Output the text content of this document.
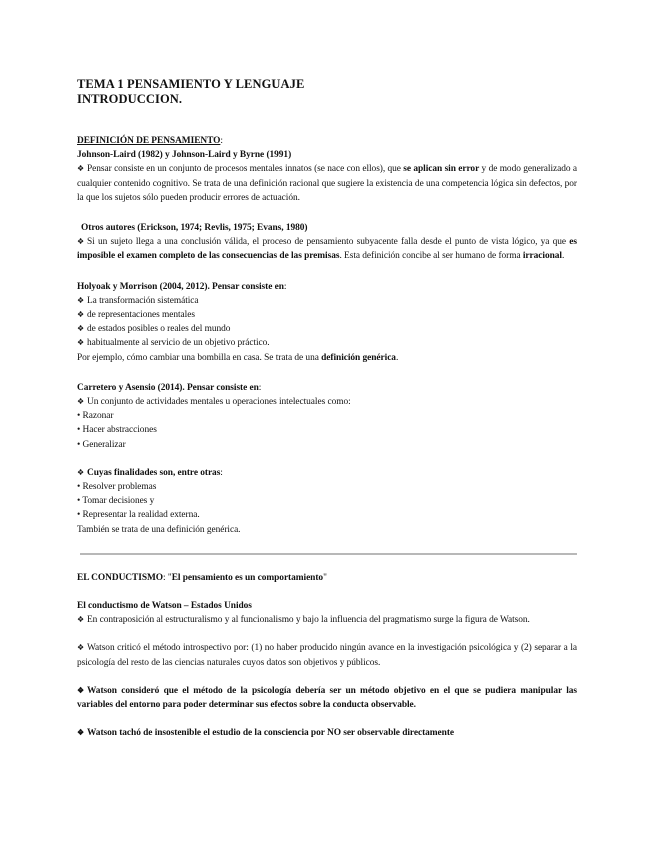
TEMA 1 PENSAMIENTO Y LENGUAJE

INTRODUCCION.

DEFINICIÓN DE PENSAMIENTO:

Johnson-Laird (1982) y Johnson-Laird y Byrne (1991)

❖ Pensar consiste en un conjunto de procesos mentales innatos (se nace con ellos), que se aplican sin error y de modo generalizado a cualquier contenido cognitivo. Se trata de una definición racional que sugiere la existencia de una competencia lógica sin defectos, por la que los sujetos sólo pueden producir errores de actuación.

Otros autores (Erickson, 1974; Revlis, 1975; Evans, 1980)

❖ Si un sujeto llega a una conclusión válida, el proceso de pensamiento subyacente falla desde el punto de vista lógico, ya que es imposible el examen completo de las consecuencias de las premisas. Esta definición concibe al ser humano de forma irracional.

Holyoak y Morrison (2004, 2012). Pensar consiste en:

❖ La transformación sistemática

❖ de representaciones mentales

❖ de estados posibles o reales del mundo

❖ habitualmente al servicio de un objetivo práctico.

Por ejemplo, cómo cambiar una bombilla en casa. Se trata de una definición genérica.

Carretero y Asensio (2014). Pensar consiste en:

❖ Un conjunto de actividades mentales u operaciones intelectuales como:

• Razonar

• Hacer abstracciones

• Generalizar

❖ Cuyas finalidades son, entre otras:

• Resolver problemas

• Tomar decisiones y

• Representar la realidad externa.

También se trata de una definición genérica.

EL CONDUCTISMO: "El pensamiento es un comportamiento"

El conductismo de Watson – Estados Unidos

❖ En contraposición al estructuralismo y al funcionalismo y bajo la influencia del pragmatismo surge la figura de Watson.

❖ Watson criticó el método introspectivo por: (1) no haber producido ningún avance en la investigación psicológica y (2) separar a la psicología del resto de las ciencias naturales cuyos datos son objetivos y públicos.

❖ Watson consideró que el método de la psicología debería ser un método objetivo en el que se pudiera manipular las variables del entorno para poder determinar sus efectos sobre la conducta observable.

❖ Watson tachó de insostenible el estudio de la consciencia por NO ser observable directamente
